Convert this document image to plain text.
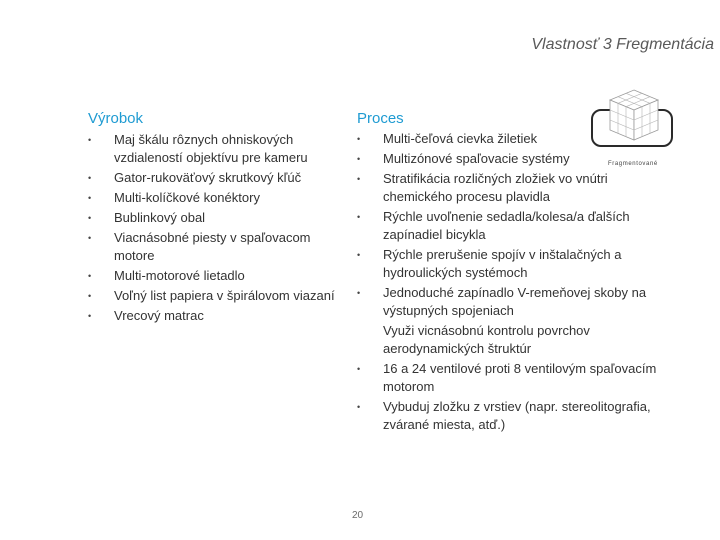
Vlastnosť 3 Fregmentácia
Výrobok	Proces
• Maj škálu rôznych ohniskových vzdialeností objektívu pre kameru
• Gator-rukoväťový skrutkový kľúč
• Multi-kolíčkové konéktory
• Bublinkový obal
• Viacnásobné piesty v spaľovacom motore
• Multi-motorové lietadlo
• Voľný list papiera v špirálovom viazaní
• Vrecový matrac
• Multi-čeľová cievka žiletiek
• Multizónové spaľovacie systémy
• Stratifikácia rozličných zložiek vo vnútri chemického procesu plavidla
• Rýchle uvoľnenie sedadla/kolesa/a ďalších zapínadiel bicykla
• Rýchle prerušenie spojív v inštalačných a hydroulických systémoch
• Jednoduché zapínadlo V-remeňovej skoby na výstupných spojeniach
Využi vicnásobnú kontrolu povrchov aerodynamických štruktúr
• 16 a 24 ventilové proti 8 ventilovým spaľovacím motorom
• Vybuduj zložku z vrstiev (napr. stereolitografia, zvárané miesta, atď.)
Fragmentované
20
